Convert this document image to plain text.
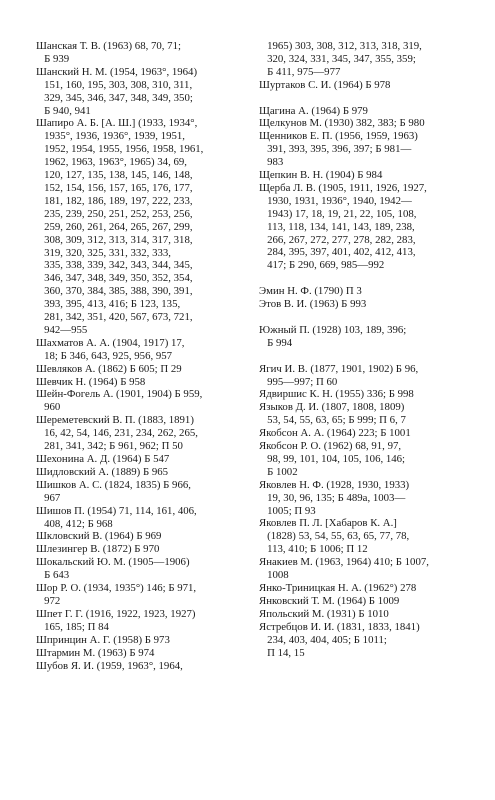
Шанская Т. В. (1963) 68, 70, 71;
Б 939
Шанский Н. М. (1954, 1963°, 1964)
151, 160, 195, 303, 308, 310, 311,
329, 345, 346, 347, 348, 349, 350;
Б 940, 941
Шапиро А. Б. [А. Ш.] (1933, 1934°,
1935°, 1936, 1936°, 1939, 1951,
1952, 1954, 1955, 1956, 1958, 1961,
1962, 1963, 1963°, 1965) 34, 69,
120, 127, 135, 138, 145, 146, 148,
152, 154, 156, 157, 165, 176, 177,
181, 182, 186, 189, 197, 222, 233,
235, 239, 250, 251, 252, 253, 256,
259, 260, 261, 264, 265, 267, 299,
308, 309, 312, 313, 314, 317, 318,
319, 320, 325, 331, 332, 333,
335, 338, 339, 342, 343, 344, 345,
346, 347, 348, 349, 350, 352, 354,
360, 370, 384, 385, 388, 390, 391,
393, 395, 413, 416; Б 123, 135,
281, 342, 351, 420, 567, 673, 721,
942—955
Шахматов А. А. (1904, 1917) 17,
18; Б 346, 643, 925, 956, 957
Шевляков А. (1862) Б 605; П 29
Шевчик Н. (1964) Б 958
Шейн-Фогель А. (1901, 1904) Б 959,
960
Шереметевский В. П. (1883, 1891)
16, 42, 54, 146, 231, 234, 262, 265,
281, 341, 342; Б 961, 962; П 50
Шехонина А. Д. (1964) Б 547
Шидловский А. (1889) Б 965
Шишков А. С. (1824, 1835) Б 966,
967
Шишов П. (1954) 71, 114, 161, 406,
408, 412; Б 968
Шкловский В. (1964) Б 969
Шлезингер В. (1872) Б 970
Шокальский Ю. М. (1905—1906)
Б 643
Шор Р. О. (1934, 1935°) 146; Б 971,
972
Шпет Г. Г. (1916, 1922, 1923, 1927)
165, 185; П 84
Шпринцин А. Г. (1958) Б 973
Штармин М. (1963) Б 974
Шубов Я. И. (1959, 1963°, 1964,
1965) 303, 308, 312, 313, 318, 319,
320, 324, 331, 345, 347, 355, 359;
Б 411, 975—977
Шуртаков С. И. (1964) Б 978
Щагина А. (1964) Б 979
Щелкунов М. (1930) 382, 383; Б 980
Щенников Е. П. (1956, 1959, 1963)
391, 393, 395, 396, 397; Б 981—
983
Щепкин В. Н. (1904) Б 984
Щерба Л. В. (1905, 1911, 1926, 1927,
1930, 1931, 1936°, 1940, 1942—
1943) 17, 18, 19, 21, 22, 105, 108,
113, 118, 134, 141, 143, 189, 238,
266, 267, 272, 277, 278, 282, 283,
284, 395, 397, 401, 402, 412, 413,
417; Б 290, 669, 985—992
Эмин Н. Ф. (1790) П 3
Этов В. И. (1963) Б 993
Южный П. (1928) 103, 189, 396;
Б 994
Ягич И. В. (1877, 1901, 1902) Б 96,
995—997; П 60
Ядвиршис К. Н. (1955) 336; Б 998
Языков Д. И. (1807, 1808, 1809)
53, 54, 55, 63, 65; Б 999; П 6, 7
Якобсон А. А. (1964) 223; Б 1001
Якобсон Р. О. (1962) 68, 91, 97,
98, 99, 101, 104, 105, 106, 146;
Б 1002
Яковлев Н. Ф. (1928, 1930, 1933)
19, 30, 96, 135; Б 489а, 1003—
1005; П 93
Яковлев П. Л. [Хабаров К. А.]
(1828) 53, 54, 55, 63, 65, 77, 78,
113, 410; Б 1006; П 12
Янакиев М. (1963, 1964) 410; Б 1007,
1008
Янко-Триницкая Н. А. (1962°) 278
Янковский Т. М. (1964) Б 1009
Япольский М. (1931) Б 1010
Ястребцов И. И. (1831, 1833, 1841)
234, 403, 404, 405; Б 1011;
П 14, 15
